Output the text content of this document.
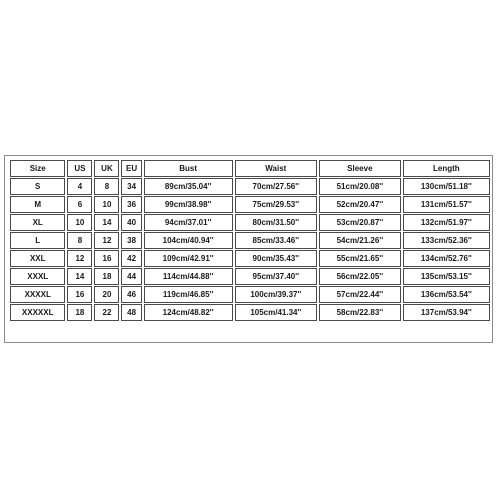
Size	US	UK	EU	Bust	Waist	Sleeve	Length
S	4	8	34	89cm/35.04''	70cm/27.56''	51cm/20.08''	130cm/51.18''
M	6	10	36	99cm/38.98''	75cm/29.53''	52cm/20.47''	131cm/51.57''
XL	10	14	40	94cm/37.01''	80cm/31.50''	53cm/20.87''	132cm/51.97''
L	8	12	38	104cm/40.94''	85cm/33.46''	54cm/21.26''	133cm/52.36''
XXL	12	16	42	109cm/42.91''	90cm/35.43''	55cm/21.65''	134cm/52.76''
XXXL	14	18	44	114cm/44.88''	95cm/37.40''	56cm/22.05''	135cm/53.15''
XXXXL	16	20	46	119cm/46.85''	100cm/39.37''	57cm/22.44''	136cm/53.54''
XXXXXL	18	22	48	124cm/48.82''	105cm/41.34''	58cm/22.83''	137cm/53.94''
